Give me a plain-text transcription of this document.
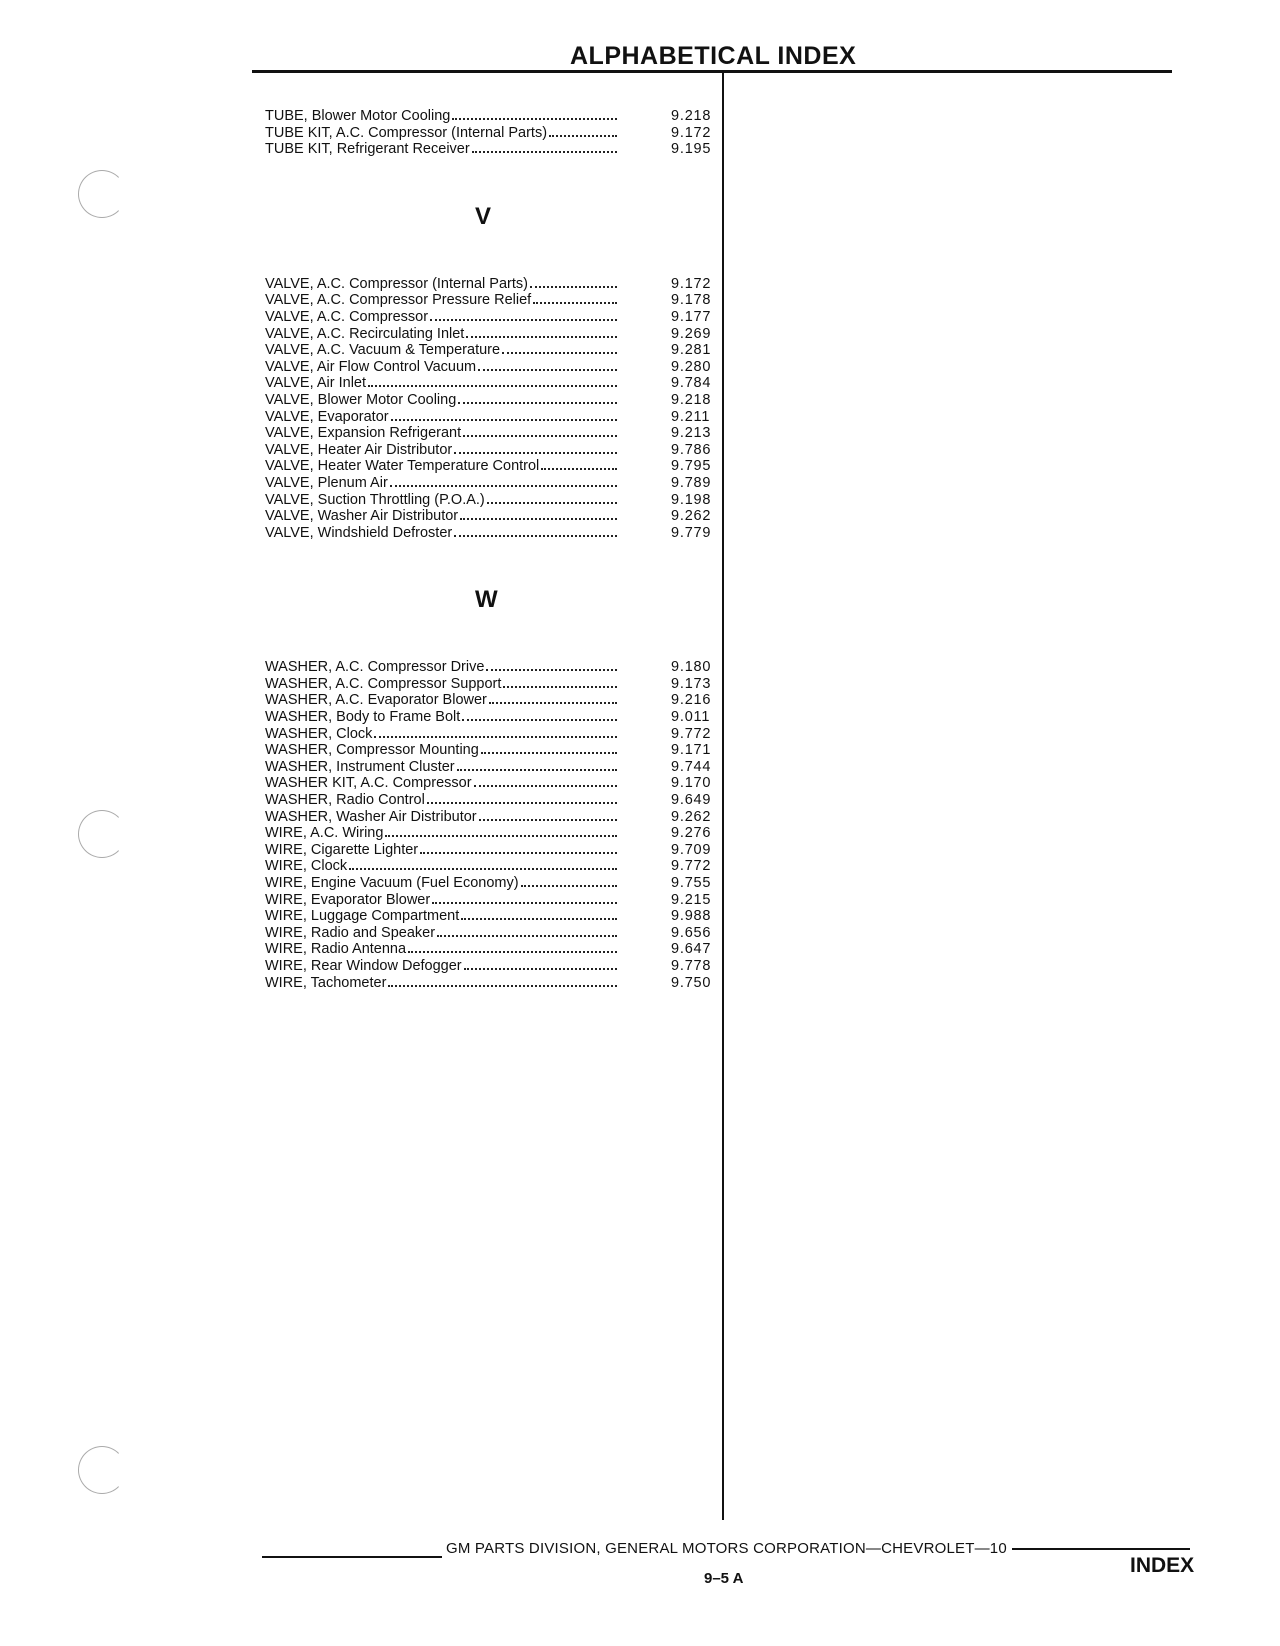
ALPHABETICAL INDEX
TUBE, Blower Motor Cooling	9.218
TUBE KIT, A.C. Compressor (Internal Parts)	9.172
TUBE KIT, Refrigerant Receiver	9.195
V
VALVE, A.C. Compressor (Internal Parts)	9.172
VALVE, A.C. Compressor Pressure Relief	9.178
VALVE, A.C. Compressor	9.177
VALVE, A.C. Recirculating Inlet	9.269
VALVE, A.C. Vacuum & Temperature	9.281
VALVE, Air Flow Control Vacuum	9.280
VALVE, Air Inlet	9.784
VALVE, Blower Motor Cooling	9.218
VALVE, Evaporator	9.211
VALVE, Expansion Refrigerant	9.213
VALVE, Heater Air Distributor	9.786
VALVE, Heater Water Temperature Control	9.795
VALVE, Plenum Air	9.789
VALVE, Suction Throttling (P.O.A.)	9.198
VALVE, Washer Air Distributor	9.262
VALVE, Windshield Defroster	9.779
W
WASHER, A.C. Compressor Drive	9.180
WASHER, A.C. Compressor Support	9.173
WASHER, A.C. Evaporator Blower	9.216
WASHER, Body to Frame Bolt	9.011
WASHER, Clock	9.772
WASHER, Compressor Mounting	9.171
WASHER, Instrument Cluster	9.744
WASHER KIT, A.C. Compressor	9.170
WASHER, Radio Control	9.649
WASHER, Washer Air Distributor	9.262
WIRE, A.C. Wiring	9.276
WIRE, Cigarette Lighter	9.709
WIRE, Clock	9.772
WIRE, Engine Vacuum (Fuel Economy)	9.755
WIRE, Evaporator Blower	9.215
WIRE, Luggage Compartment	9.988
WIRE, Radio and Speaker	9.656
WIRE, Radio Antenna	9.647
WIRE, Rear Window Defogger	9.778
WIRE, Tachometer	9.750
GM PARTS DIVISION, GENERAL MOTORS CORPORATION—CHEVROLET—10
9–5 A
INDEX
